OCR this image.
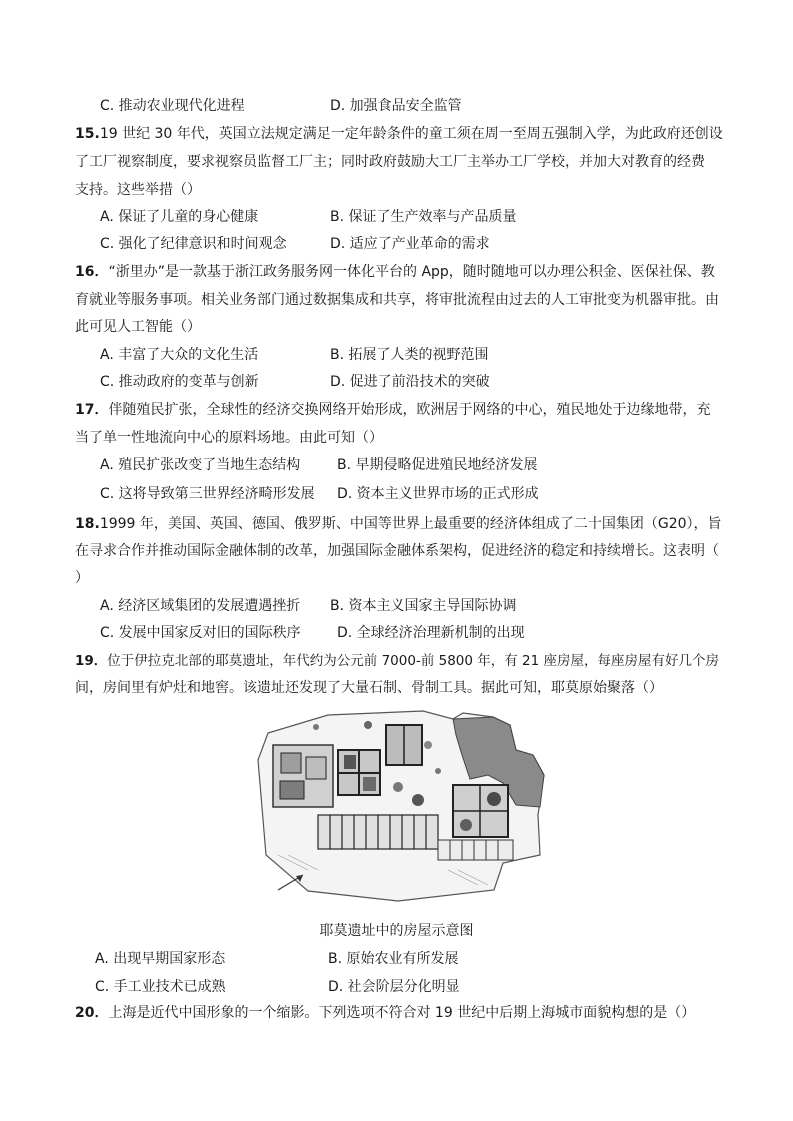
C. 推动农业现代化进程	D. 加强食品安全监管
15.19 世纪 30 年代，英国立法规定满足一定年龄条件的童工须在周一至周五强制入学，为此政府还创设
了工厂视察制度，要求视察员监督工厂主；同时政府鼓励大工厂主举办工厂学校，并加大对教育的经费
支持。这些举措（）
A. 保证了儿童的身心健康	B. 保证了生产效率与产品质量
C. 强化了纪律意识和时间观念	D. 适应了产业革命的需求
16．“浙里办”是一款基于浙江政务服务网一体化平台的 App，随时随地可以办理公积金、医保社保、教
育就业等服务事项。相关业务部门通过数据集成和共享，将审批流程由过去的人工审批变为机器审批。由
此可见人工智能（）
A. 丰富了大众的文化生活	B. 拓展了人类的视野范围
C. 推动政府的变革与创新	D. 促进了前沿技术的突破
17．伴随殖民扩张，全球性的经济交换网络开始形成，欧洲居于网络的中心，殖民地处于边缘地带，充
当了单一性地流向中心的原料场地。由此可知（）
A. 殖民扩张改变了当地生态结构	B. 早期侵略促进殖民地经济发展
C. 这将导致第三世界经济畸形发展 D. 资本主义世界市场的正式形成
18.1999 年，美国、英国、德国、俄罗斯、中国等世界上最重要的经济体组成了二十国集团（G20），旨
在寻求合作并推动国际金融体制的改革，加强国际金融体系架构，促进经济的稳定和持续增长。这表明（
）
A. 经济区域集团的发展遭遇挫折 B. 资本主义国家主导国际协调
C. 发展中国家反对旧的国际秩序	D. 全球经济治理新机制的出现
19．位于伊拉克北部的耶莫遗址，年代约为公元前 7000-前 5800 年，有 21 座房屋，每座房屋有好几个房
间，房间里有炉灶和地窖。该遗址还发现了大量石制、骨制工具。据此可知，耶莫原始聚落（）
耶莫遗址中的房屋示意图
A. 出现早期国家形态	B. 原始农业有所发展
C. 手工业技术已成熟	D. 社会阶层分化明显
20．上海是近代中国形象的一个缩影。下列选项不符合对 19 世纪中后期上海城市面貌构想的是（）
